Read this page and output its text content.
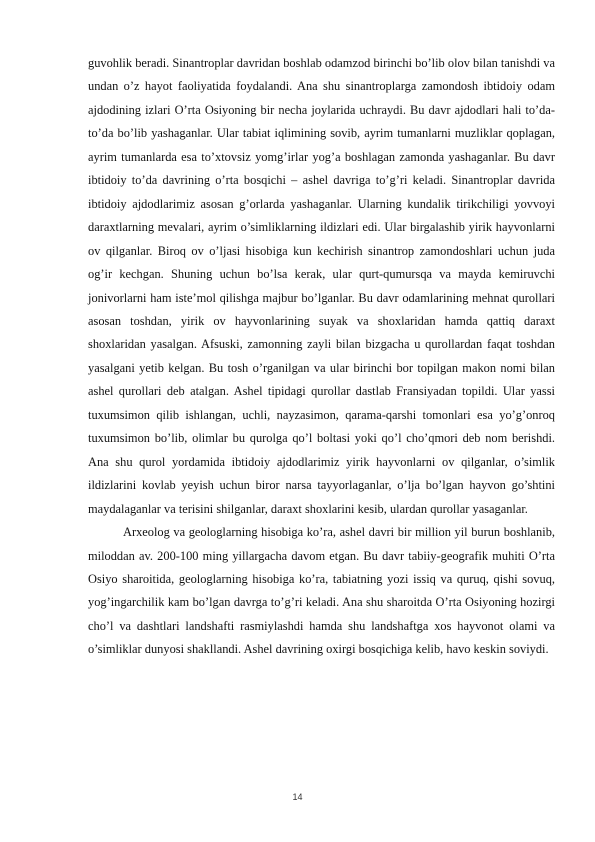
guvohlik beradi. Sinantroplar davridan boshlab odamzod birinchi bo’lib olov bilan tanishdi va undan o’z hayot faoliyatida foydalandi. Ana shu sinantroplarga zamondosh ibtidoiy odam ajdodining izlari O’rta Osiyoning bir necha joylarida uchraydi. Bu davr ajdodlari hali to’da-to’da bo’lib yashaganlar. Ular tabiat iqlimining sovib, ayrim tumanlarni muzliklar qoplagan, ayrim tumanlarda esa to’xtovsiz yomg’irlar yog’a boshlagan zamonda yashaganlar. Bu davr ibtidoiy to’da davrining o’rta bosqichi – ashel davriga to’g’ri keladi. Sinantroplar davrida ibtidoiy ajdodlarimiz asosan g’orlarda yashaganlar. Ularning kundalik tirikchiligi yovvoyi daraxtlarning mevalari, ayrim o’simliklarning ildizlari edi. Ular birgalashib yirik hayvonlarni ov qilganlar. Biroq ov o’ljasi hisobiga kun kechirish sinantrop zamondoshlari uchun juda og’ir kechgan. Shuning uchun bo’lsa kerak, ular qurt-qumursqa va mayda kemiruvchi jonivorlarni ham iste’mol qilishga majbur bo’lganlar. Bu davr odamlarining mehnat qurollari asosan toshdan, yirik ov hayvonlarining suyak va shoxlaridan hamda qattiq daraxt shoxlaridan yasalgan. Afsuski, zamonning zayli bilan bizgacha u qurollardan faqat toshdan yasalgani yetib kelgan. Bu tosh o’rganilgan va ular birinchi bor topilgan makon nomi bilan ashel qurollari deb atalgan. Ashel tipidagi qurollar dastlab Fransiyadan topildi. Ular yassi tuxumsimon qilib ishlangan, uchli, nayzasimon, qarama-qarshi tomonlari esa yo’g’onroq tuxumsimon bo’lib, olimlar bu qurolga qo’l boltasi yoki qo’l cho’qmori deb nom berishdi. Ana shu qurol yordamida ibtidoiy ajdodlarimiz yirik hayvonlarni ov qilganlar, o’simlik ildizlarini kovlab yeyish uchun biror narsa tayyorlaganlar, o’lja bo’lgan hayvon go’shtini maydalaganlar va terisini shilganlar, daraxt shoxlarini kesib, ulardan qurollar yasaganlar.

Arxeolog va geologlarning hisobiga ko’ra, ashel davri bir million yil burun boshlanib, miloddan av. 200-100 ming yillargacha davom etgan. Bu davr tabiiy-geografik muhiti O’rta Osiyo sharoitida, geologlarning hisobiga ko’ra, tabiatning yozi issiq va quruq, qishi sovuq, yog’ingarchilik kam bo’lgan davrga to’g’ri keladi. Ana shu sharoitda O’rta Osiyoning hozirgi cho’l va dashtlari landshafti rasmiylashdi hamda shu landshaftga xos hayvonot olami va o’simliklar dunyosi shakllandi. Ashel davrining oxirgi bosqichiga kelib, havo keskin soviydi.

14
